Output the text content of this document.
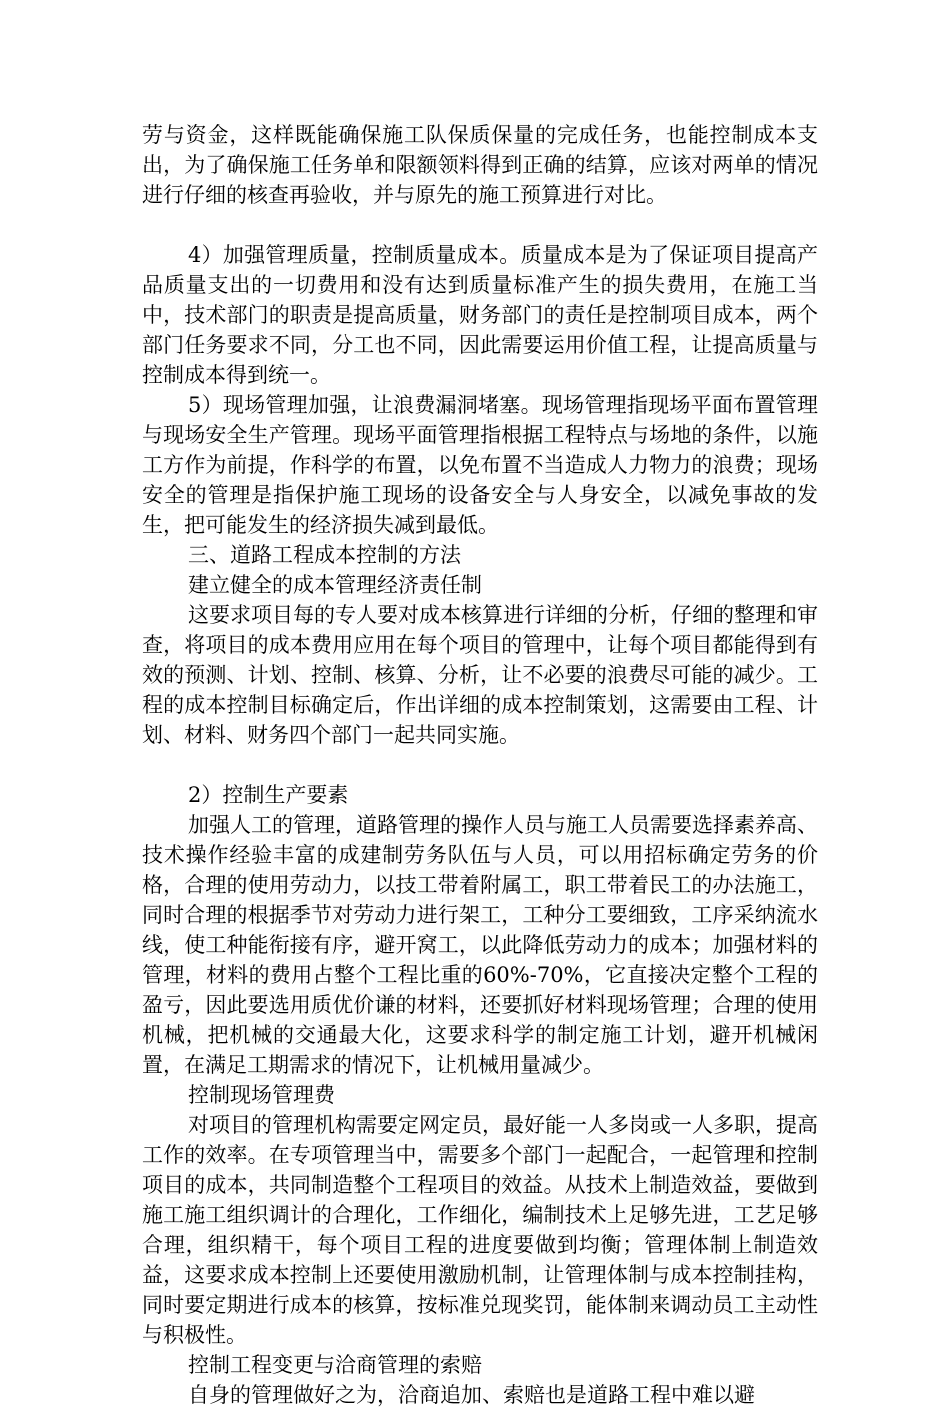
劳与资金，这样既能确保施工队保质保量的完成任务，也能控制成本支出，为了确保施工任务单和限额领料得到正确的结算，应该对两单的情况进行仔细的核查再验收，并与原先的施工预算进行对比。

4）加强管理质量，控制质量成本。质量成本是为了保证项目提高产品质量支出的一切费用和没有达到质量标准产生的损失费用，在施工当中，技术部门的职责是提高质量，财务部门的责任是控制项目成本，两个部门任务要求不同，分工也不同，因此需要运用价值工程，让提高质量与控制成本得到统一。

5）现场管理加强，让浪费漏洞堵塞。现场管理指现场平面布置管理与现场安全生产管理。现场平面管理指根据工程特点与场地的条件，以施工方作为前提，作科学的布置，以免布置不当造成人力物力的浪费；现场安全的管理是指保护施工现场的设备安全与人身安全，以减免事故的发生，把可能发生的经济损失减到最低。

三、道路工程成本控制的方法

建立健全的成本管理经济责任制

这要求项目每的专人要对成本核算进行详细的分析，仔细的整理和审查，将项目的成本费用应用在每个项目的管理中，让每个项目都能得到有效的预测、计划、控制、核算、分析，让不必要的浪费尽可能的减少。工程的成本控制目标确定后，作出详细的成本控制策划，这需要由工程、计划、材料、财务四个部门一起共同实施。

2）控制生产要素

加强人工的管理，道路管理的操作人员与施工人员需要选择素养高、技术操作经验丰富的成建制劳务队伍与人员，可以用招标确定劳务的价格，合理的使用劳动力，以技工带着附属工，职工带着民工的办法施工，同时合理的根据季节对劳动力进行架工，工种分工要细致，工序采纳流水线，使工种能衔接有序，避开窝工，以此降低劳动力的成本；加强材料的管理，材料的费用占整个工程比重的60%-70%，它直接决定整个工程的盈亏，因此要选用质优价谦的材料，还要抓好材料现场管理；合理的使用机械，把机械的交通最大化，这要求科学的制定施工计划，避开机械闲置，在满足工期需求的情况下，让机械用量减少。

控制现场管理费

对项目的管理机构需要定网定员，最好能一人多岗或一人多职，提高工作的效率。在专项管理当中，需要多个部门一起配合，一起管理和控制项目的成本，共同制造整个工程项目的效益。从技术上制造效益，要做到施工施工组织调计的合理化，工作细化，编制技术上足够先进，工艺足够合理，组织精干，每个项目工程的进度要做到均衡；管理体制上制造效益，这要求成本控制上还要使用激励机制，让管理体制与成本控制挂构，同时要定期进行成本的核算，按标准兑现奖罚，能体制来调动员工主动性与积极性。

控制工程变更与洽商管理的索赔

自身的管理做好之为，洽商追加、索赔也是道路工程中难以避
